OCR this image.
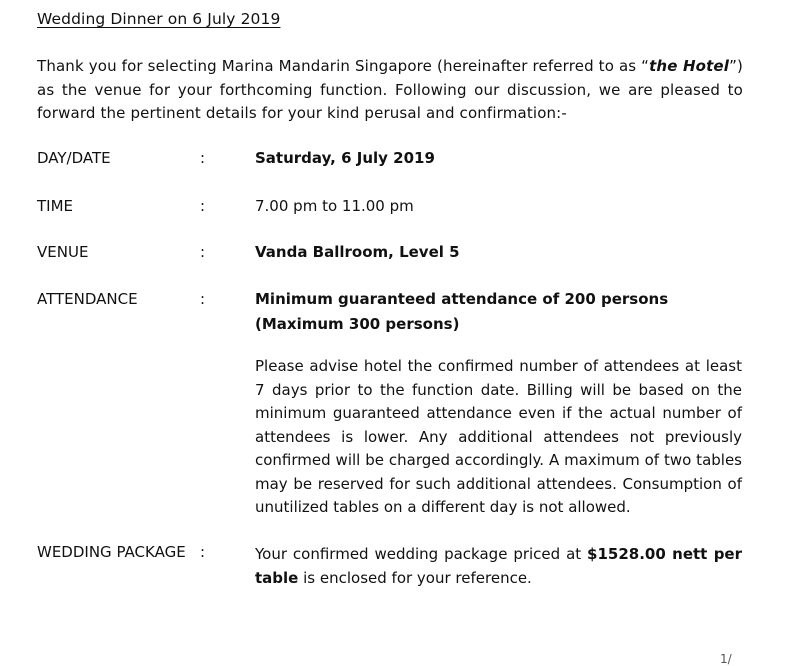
Wedding Dinner on 6 July 2019
Thank you for selecting Marina Mandarin Singapore (hereinafter referred to as “the Hotel”) as the venue for your forthcoming function. Following our discussion, we are pleased to forward the pertinent details for your kind perusal and confirmation:-
DAY/DATE	:	Saturday, 6 July 2019
TIME	:	7.00 pm to 11.00 pm
VENUE	:	Vanda Ballroom, Level 5
ATTENDANCE	:	Minimum guaranteed attendance of 200 persons
(Maximum 300 persons)
Please advise hotel the confirmed number of attendees at least 7 days prior to the function date. Billing will be based on the minimum guaranteed attendance even if the actual number of attendees is lower. Any additional attendees not previously confirmed will be charged accordingly. A maximum of two tables may be reserved for such additional attendees. Consumption of unutilized tables on a different day is not allowed.
WEDDING PACKAGE :	Your confirmed wedding package priced at $1528.00 nett per table is enclosed for your reference.
1/
